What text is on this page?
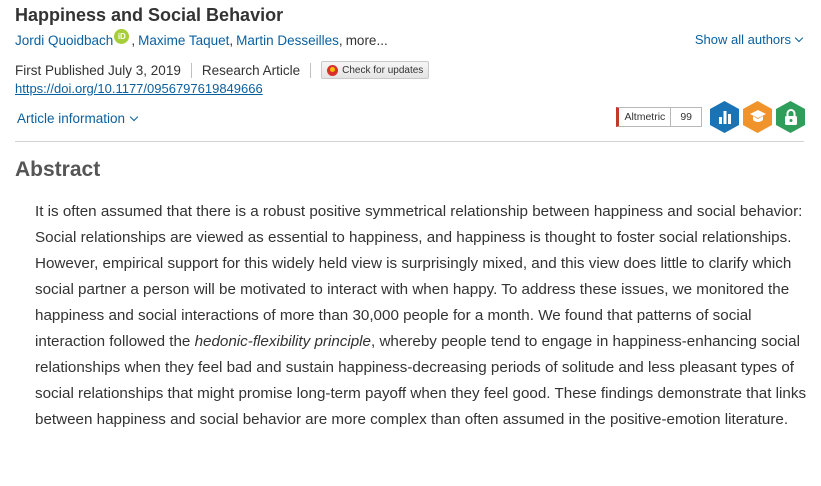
Happiness and Social Behavior
Jordi Quoidbach iD , Maxime Taquet , Martin Desseilles , more...	Show all authors
First Published July 3, 2019 Research Article	Check for updates
https://doi.org/10.1177/0956797619849666
Article information	Altmetric	99
Abstract

It is often assumed that there is a robust positive symmetrical relationship between happiness and social behavior: Social relationships are viewed as essential to happiness, and happiness is thought to foster social relationships. However, empirical support for this widely held view is surprisingly mixed, and this view does little to clarify which social partner a person will be motivated to interact with when happy. To address these issues, we monitored the happiness and social interactions of more than 30,000 people for a month. We found that patterns of social interaction followed the hedonic-flexibility principle, whereby people tend to engage in happiness-enhancing social relationships when they feel bad and sustain happiness-decreasing periods of solitude and less pleasant types of social relationships that might promise long-term payoff when they feel good. These findings demonstrate that links between happiness and social behavior are more complex than often assumed in the positive-emotion literature.
